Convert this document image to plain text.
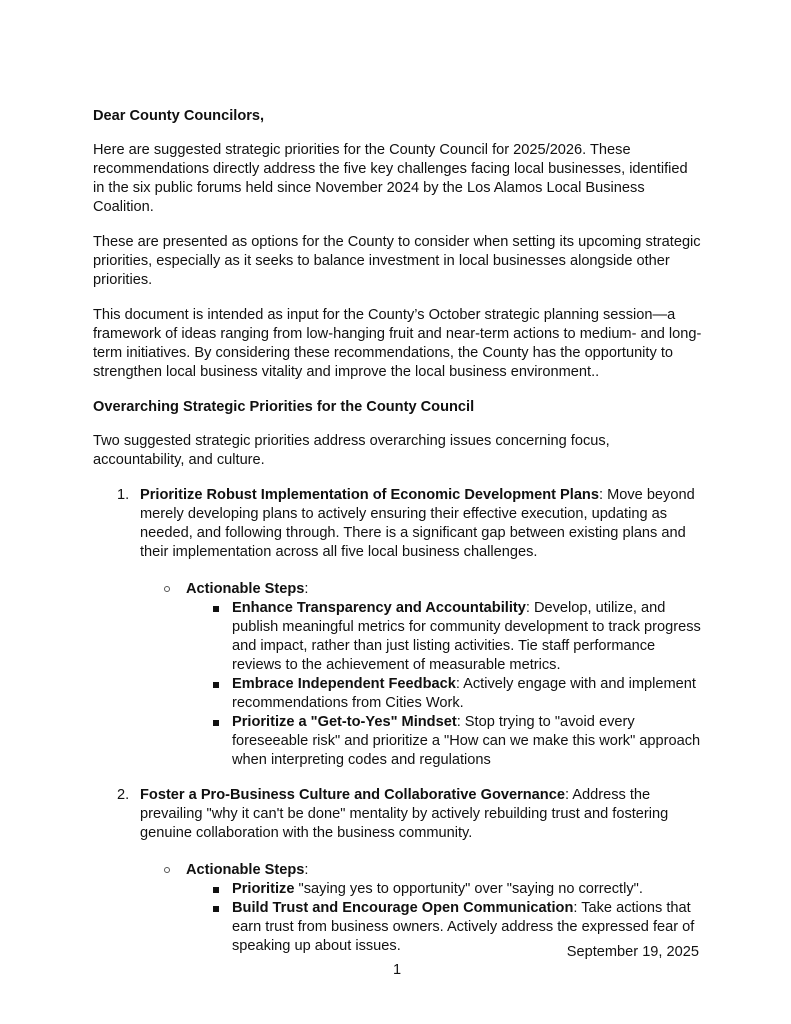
Dear County Councilors,

Here are suggested strategic priorities for the County Council for 2025/2026. These recommendations directly address the five key challenges facing local businesses, identified in the six public forums held since November 2024 by the Los Alamos Local Business Coalition.

These are presented as options for the County to consider when setting its upcoming strategic priorities, especially as it seeks to balance investment in local businesses alongside other priorities.

This document is intended as input for the County’s October strategic planning session—a framework of ideas ranging from low-hanging fruit and near-term actions to medium- and long-term initiatives. By considering these recommendations, the County has the opportunity to strengthen local business vitality and improve the local business environment..

Overarching Strategic Priorities for the County Council

Two suggested strategic priorities address overarching issues concerning focus, accountability, and culture.

1. Prioritize Robust Implementation of Economic Development Plans: Move beyond merely developing plans to actively ensuring their effective execution, updating as needed, and following through. There is a significant gap between existing plans and their implementation across all five local business challenges.

Actionable Steps:

Enhance Transparency and Accountability: Develop, utilize, and publish meaningful metrics for community development to track progress and impact, rather than just listing activities. Tie staff performance reviews to the achievement of measurable metrics.
Embrace Independent Feedback: Actively engage with and implement recommendations from Cities Work.
Prioritize a "Get-to-Yes" Mindset: Stop trying to "avoid every foreseeable risk" and prioritize a "How can we make this work" approach when interpreting codes and regulations
2. Foster a Pro-Business Culture and Collaborative Governance: Address the prevailing "why it can't be done" mentality by actively rebuilding trust and fostering genuine collaboration with the business community.

Actionable Steps:

Prioritize "saying yes to opportunity" over "saying no correctly".
Build Trust and Encourage Open Communication: Take actions that earn trust from business owners. Actively address the expressed fear of speaking up about issues.	September 19, 2025
1
